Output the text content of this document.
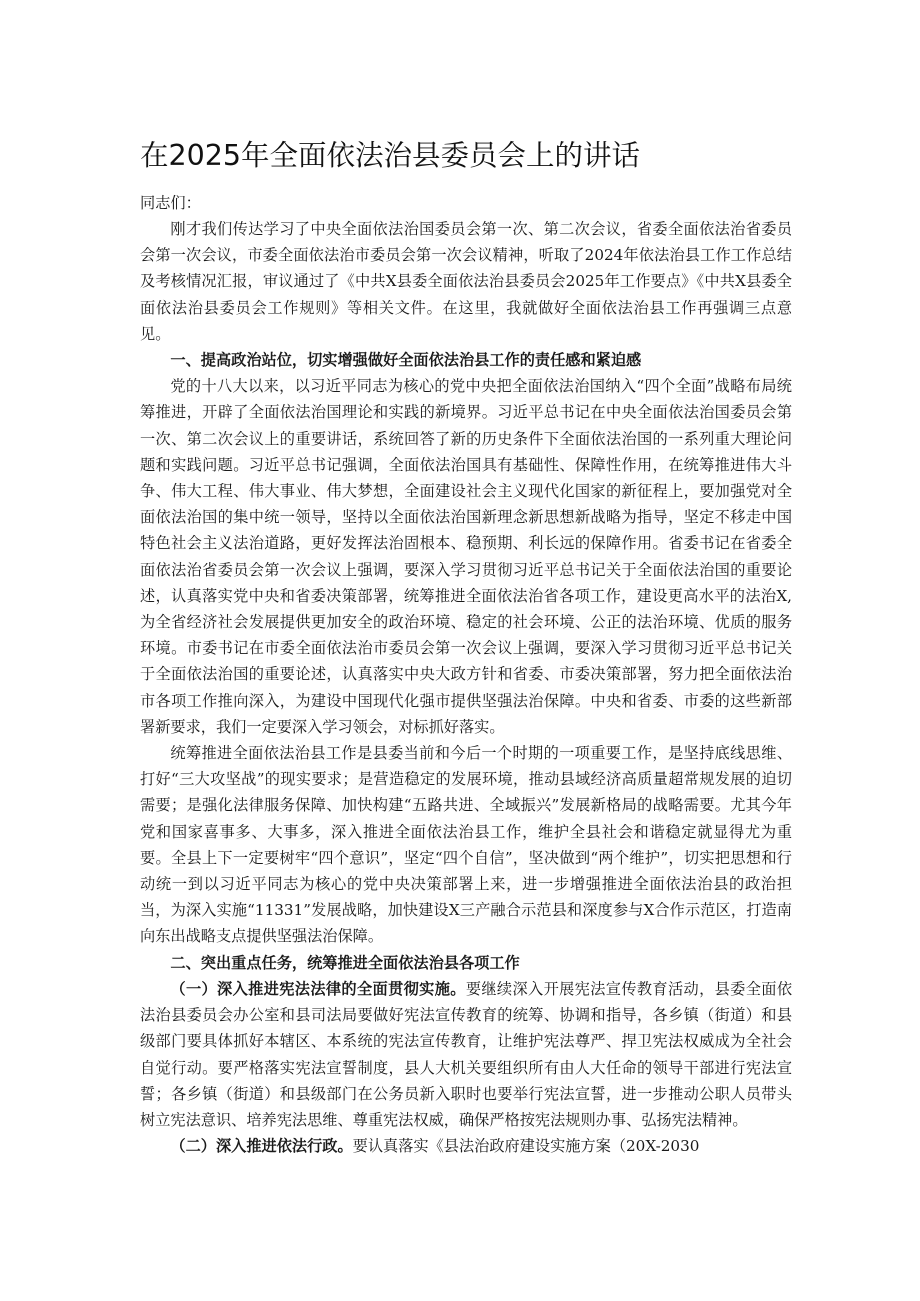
在2025年全面依法治县委员会上的讲话

同志们：

刚才我们传达学习了中央全面依法治国委员会第一次、第二次会议，省委全面依法治省委员会第一次会议，市委全面依法治市委员会第一次会议精神，听取了2024年依法治县工作工作总结及考核情况汇报，审议通过了《中共X县委全面依法治县委员会2025年工作要点》《中共X县委全面依法治县委员会工作规则》等相关文件。在这里，我就做好全面依法治县工作再强调三点意见。

一、提高政治站位，切实增强做好全面依法治县工作的责任感和紧迫感

党的十八大以来，以习近平同志为核心的党中央把全面依法治国纳入“四个全面”战略布局统筹推进，开辟了全面依法治国理论和实践的新境界。习近平总书记在中央全面依法治国委员会第一次、第二次会议上的重要讲话，系统回答了新的历史条件下全面依法治国的一系列重大理论问题和实践问题。习近平总书记强调，全面依法治国具有基础性、保障性作用，在统筹推进伟大斗争、伟大工程、伟大事业、伟大梦想，全面建设社会主义现代化国家的新征程上，要加强党对全面依法治国的集中统一领导，坚持以全面依法治国新理念新思想新战略为指导，坚定不移走中国特色社会主义法治道路，更好发挥法治固根本、稳预期、利长远的保障作用。省委书记在省委全面依法治省委员会第一次会议上强调，要深入学习贯彻习近平总书记关于全面依法治国的重要论述，认真落实党中央和省委决策部署，统筹推进全面依法治省各项工作，建设更高水平的法治X,为全省经济社会发展提供更加安全的政治环境、稳定的社会环境、公正的法治环境、优质的服务环境。市委书记在市委全面依法治市委员会第一次会议上强调，要深入学习贯彻习近平总书记关于全面依法治国的重要论述，认真落实中央大政方针和省委、市委决策部署，努力把全面依法治市各项工作推向深入，为建设中国现代化强市提供坚强法治保障。中央和省委、市委的这些新部署新要求，我们一定要深入学习领会，对标抓好落实。

统筹推进全面依法治县工作是县委当前和今后一个时期的一项重要工作，是坚持底线思维、打好“三大攻坚战”的现实要求；是营造稳定的发展环境，推动县域经济高质量超常规发展的迫切需要；是强化法律服务保障、加快构建“五路共进、全域振兴”发展新格局的战略需要。尤其今年党和国家喜事多、大事多，深入推进全面依法治县工作，维护全县社会和谐稳定就显得尤为重要。全县上下一定要树牢“四个意识”，坚定“四个自信”，坚决做到“两个维护”，切实把思想和行动统一到以习近平同志为核心的党中央决策部署上来，进一步增强推进全面依法治县的政治担当，为深入实施“11331”发展战略，加快建设X三产融合示范县和深度参与X合作示范区，打造南向东出战略支点提供坚强法治保障。

二、突出重点任务，统筹推进全面依法治县各项工作

（一）深入推进宪法法律的全面贯彻实施。要继续深入开展宪法宣传教育活动，县委全面依法治县委员会办公室和县司法局要做好宪法宣传教育的统筹、协调和指导，各乡镇（街道）和县级部门要具体抓好本辖区、本系统的宪法宣传教育，让维护宪法尊严、捍卫宪法权威成为全社会自觉行动。要严格落实宪法宣誓制度，县人大机关要组织所有由人大任命的领导干部进行宪法宣誓；各乡镇（街道）和县级部门在公务员新入职时也要举行宪法宣誓，进一步推动公职人员带头树立宪法意识、培养宪法思维、尊重宪法权威，确保严格按宪法规则办事、弘扬宪法精神。

（二）深入推进依法行政。要认真落实《县法治政府建设实施方案（20X-2030
